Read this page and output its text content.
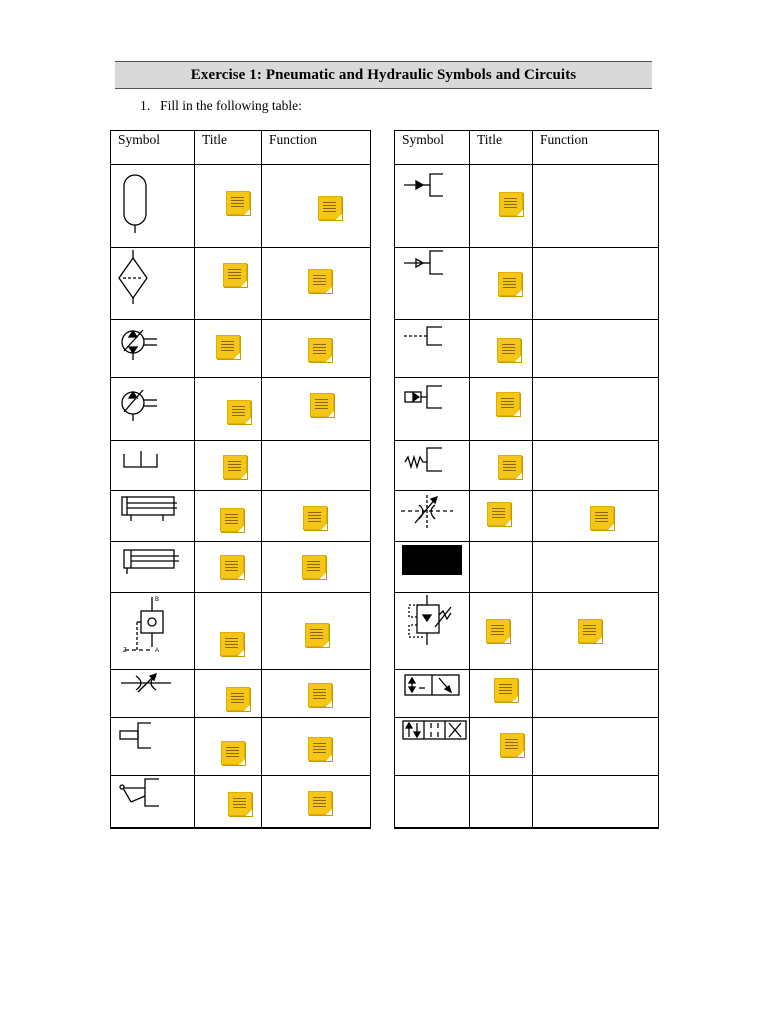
Exercise 1: Pneumatic and Hydraulic Symbols and Circuits
1. Fill in the following table:
Symbol	Title	Function

B
A
Z		

Symbol	Title	Function
